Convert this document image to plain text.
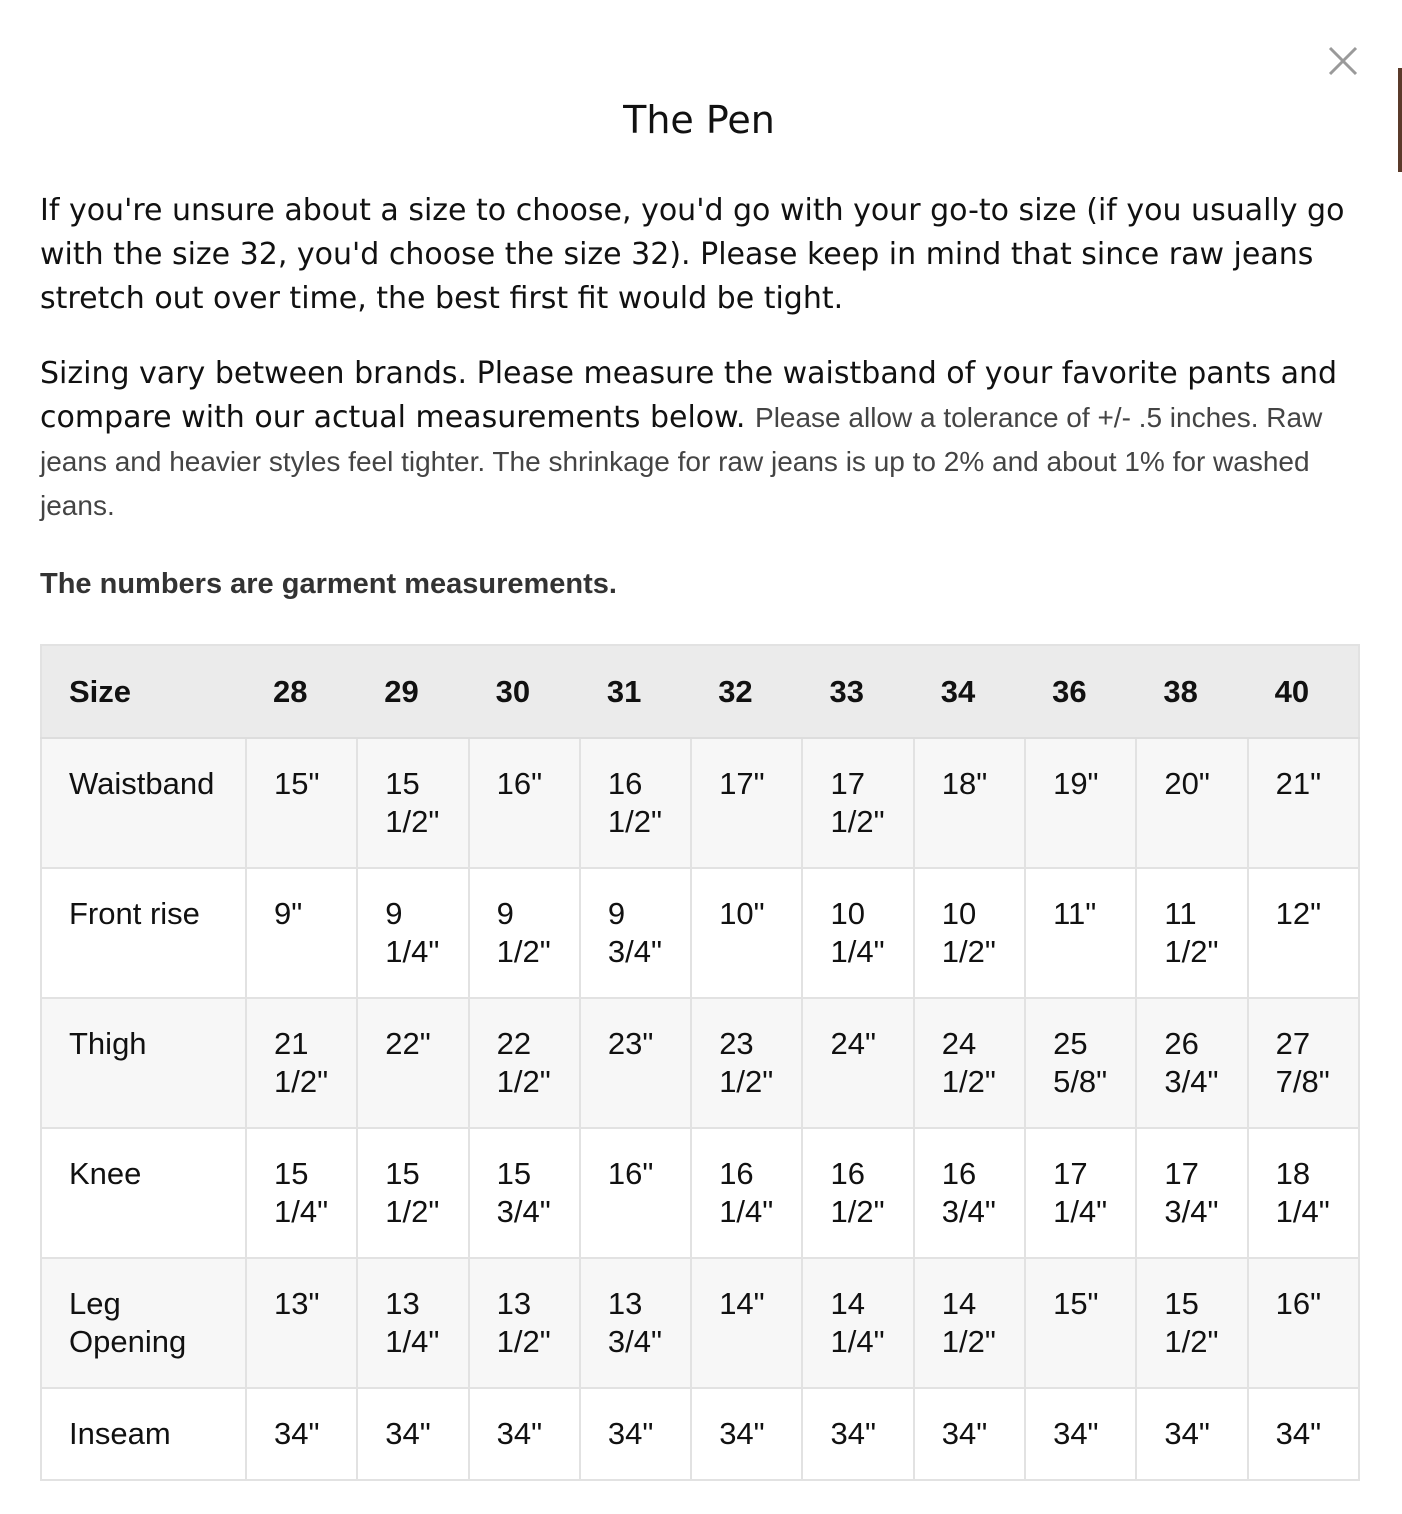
The Pen
If you're unsure about a size to choose, you'd go with your go-to size (if you usually go with the size 32, you'd choose the size 32). Please keep in mind that since raw jeans stretch out over time, the best first fit would be tight.
Sizing vary between brands. Please measure the waistband of your favorite pants and compare with our actual measurements below. Please allow a tolerance of +/- .5 inches. Raw jeans and heavier styles feel tighter. The shrinkage for raw jeans is up to 2% and about 1% for washed jeans.
The numbers are garment measurements.
Size	28	29	30	31	32	33	34	36	38	40
Waistband	15"	15 1/2"	16"	16 1/2"	17"	17 1/2"	18"	19"	20"	21"
Front rise	9"	9 1/4"	9 1/2"	9 3/4"	10"	10 1/4"	10 1/2"	11"	11 1/2"	12"
Thigh	21 1/2"	22"	22 1/2"	23"	23 1/2"	24"	24 1/2"	25 5/8"	26 3/4"	27 7/8"
Knee	15 1/4"	15 1/2"	15 3/4"	16"	16 1/4"	16 1/2"	16 3/4"	17 1/4"	17 3/4"	18 1/4"
Leg Opening	13"	13 1/4"	13 1/2"	13 3/4"	14"	14 1/4"	14 1/2"	15"	15 1/2"	16"
Inseam	34"	34"	34"	34"	34"	34"	34"	34"	34"	34"
